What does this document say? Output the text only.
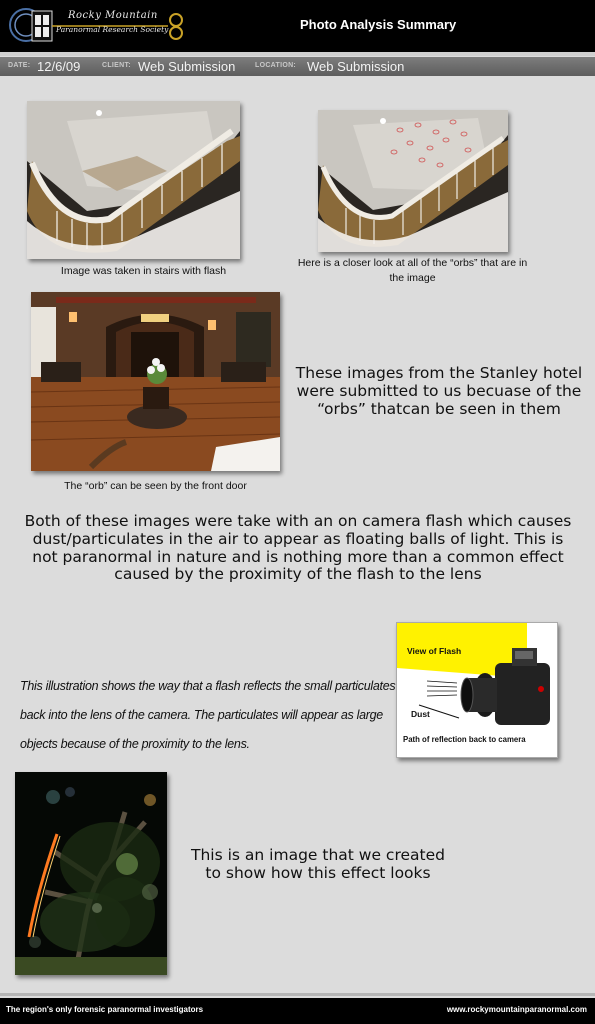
Rocky Mountain
Paranormal Research Society	Photo Analysis Summary
DATE: 12/6/09	CLIENT: Web Submission	LOCATION: Web Submission
Image was taken in stairs with flash
Here is a closer look at all of the “orbs” that are in the image
The “orb” can be seen by the front door
These images from the Stanley hotel were submitted to us becuase of the “orbs” thatcan be seen in them
Both of these images were take with an on camera flash which causes dust/particulates in the air to appear as floating balls of light. This is not paranormal in nature and is nothing more than a common effect caused by the proximity of the flash to the lens
This illustration shows the way that a flash reflects the small particulates back into the lens of the camera. The particulates will appear as large objects because of the proximity to the lens.
View of Flash
Dust
Path of reflection back to camera
This is an image that we created to show how this effect looks
The region's only forensic paranormal investigators	www.rockymountainparanormal.com
